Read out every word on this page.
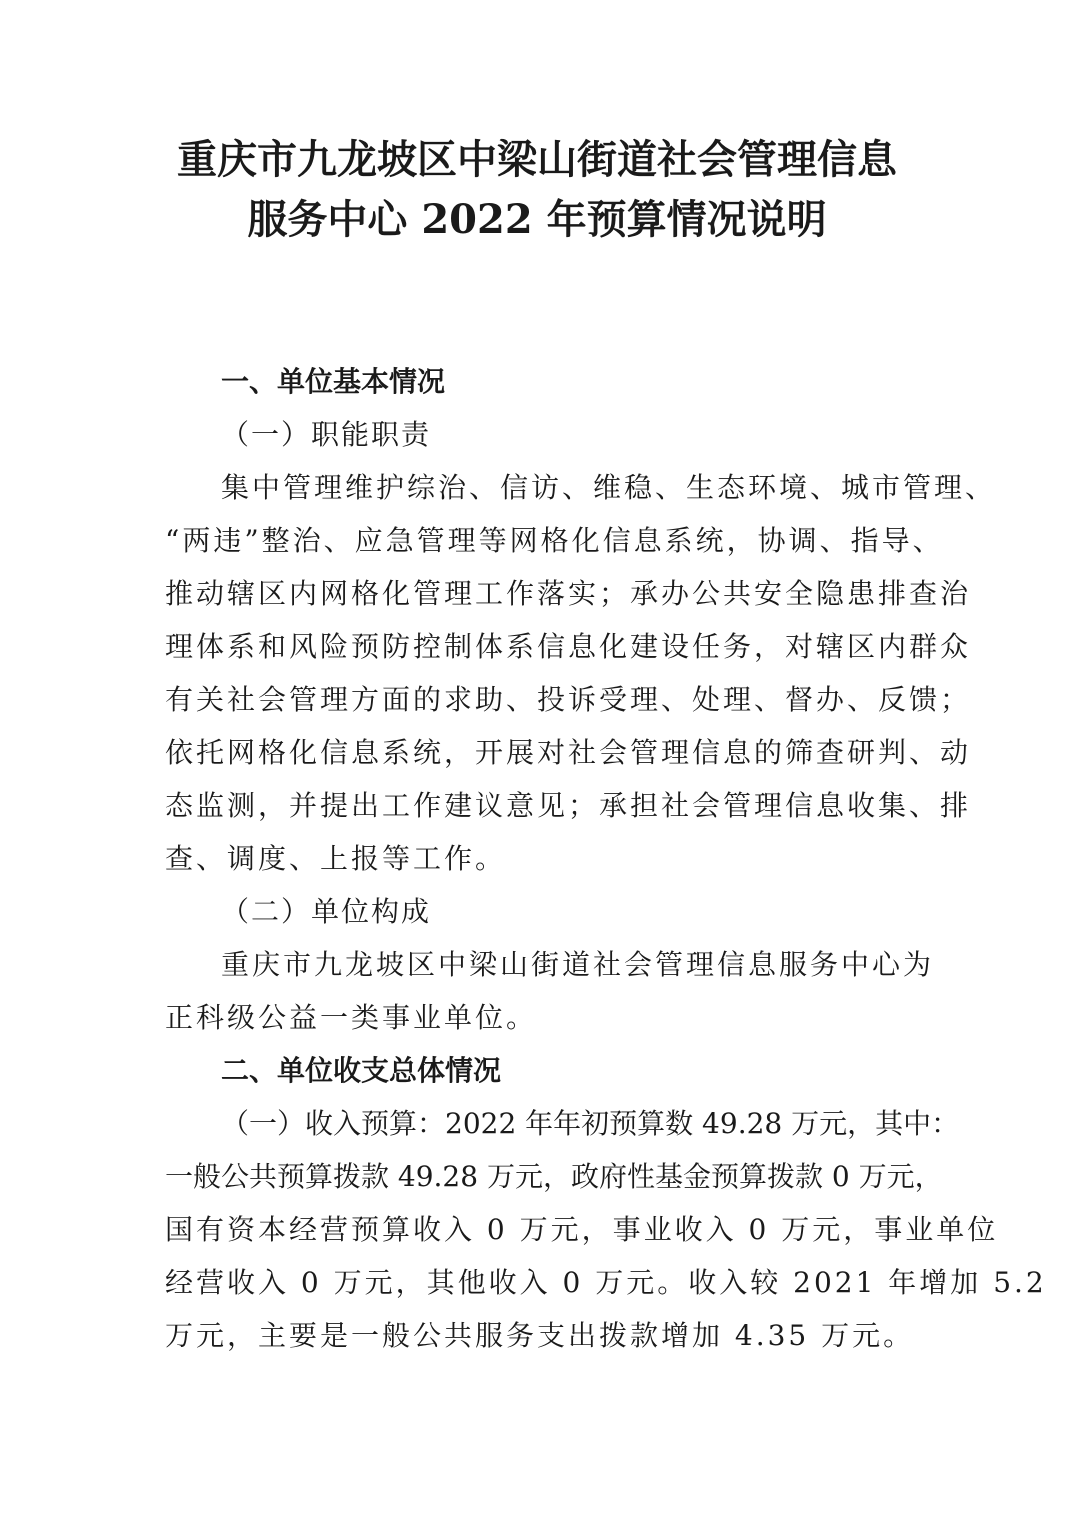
重庆市九龙坡区中梁山街道社会管理信息
服务中心 2022 年预算情况说明
一、单位基本情况
（一）职能职责
集中管理维护综治、信访、维稳、生态环境、城市管理、
“两违”整治、应急管理等网格化信息系统，协调、指导、
推动辖区内网格化管理工作落实；承办公共安全隐患排查治
理体系和风险预防控制体系信息化建设任务，对辖区内群众
有关社会管理方面的求助、投诉受理、处理、督办、反馈；
依托网格化信息系统，开展对社会管理信息的筛查研判、动
态监测，并提出工作建议意见；承担社会管理信息收集、排
查、调度、上报等工作。
（二）单位构成
重庆市九龙坡区中梁山街道社会管理信息服务中心为
正科级公益一类事业单位。
二、单位收支总体情况
（一）收入预算：2022 年年初预算数 49.28 万元，其中：
一般公共预算拨款 49.28 万元，政府性基金预算拨款 0 万元，
国有资本经营预算收入 0 万元，事业收入 0 万元，事业单位
经营收入 0 万元，其他收入 0 万元。收入较 2021 年增加 5.2
万元，主要是一般公共服务支出拨款增加 4.35 万元。
